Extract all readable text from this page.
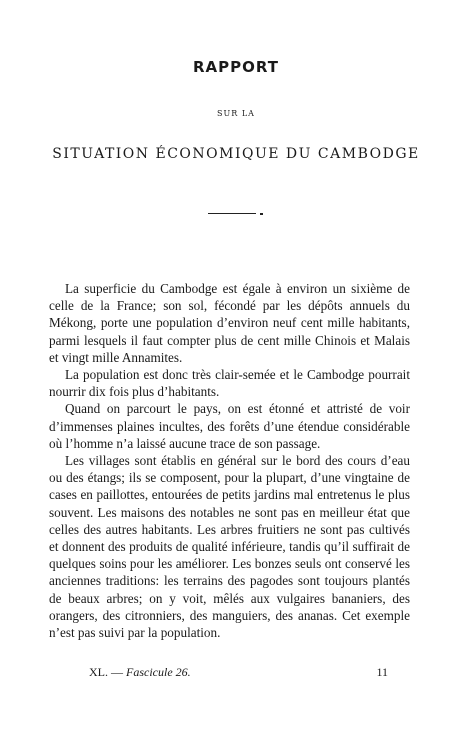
RAPPORT
SUR LA
SITUATION ÉCONOMIQUE DU CAMBODGE

La superficie du Cambodge est égale à environ un sixième de celle de la France; son sol, fécondé par les dépôts annuels du Mékong, porte une population d’environ neuf cent mille habitants, parmi lesquels il faut compter plus de cent mille Chinois et Malais et vingt mille Annamites.

La population est donc très clair-semée et le Cambodge pourrait nourrir dix fois plus d’habitants.

Quand on parcourt le pays, on est étonné et attristé de voir d’immenses plaines incultes, des forêts d’une étendue considérable où l’homme n’a laissé aucune trace de son passage.

Les villages sont établis en général sur le bord des cours d’eau ou des étangs; ils se composent, pour la plupart, d’une vingtaine de cases en paillottes, entourées de petits jardins mal entretenus le plus souvent. Les maisons des notables ne sont pas en meilleur état que celles des autres habitants. Les arbres fruitiers ne sont pas cultivés et donnent des produits de qualité inférieure, tandis qu’il suffirait de quelques soins pour les améliorer. Les bonzes seuls ont conservé les anciennes traditions: les terrains des pagodes sont toujours plantés de beaux arbres; on y voit, mêlés aux vulgaires bananiers, des orangers, des citronniers, des manguiers, des ananas. Cet exemple n’est pas suivi par la population.

XL. — Fascicule 26.	11
